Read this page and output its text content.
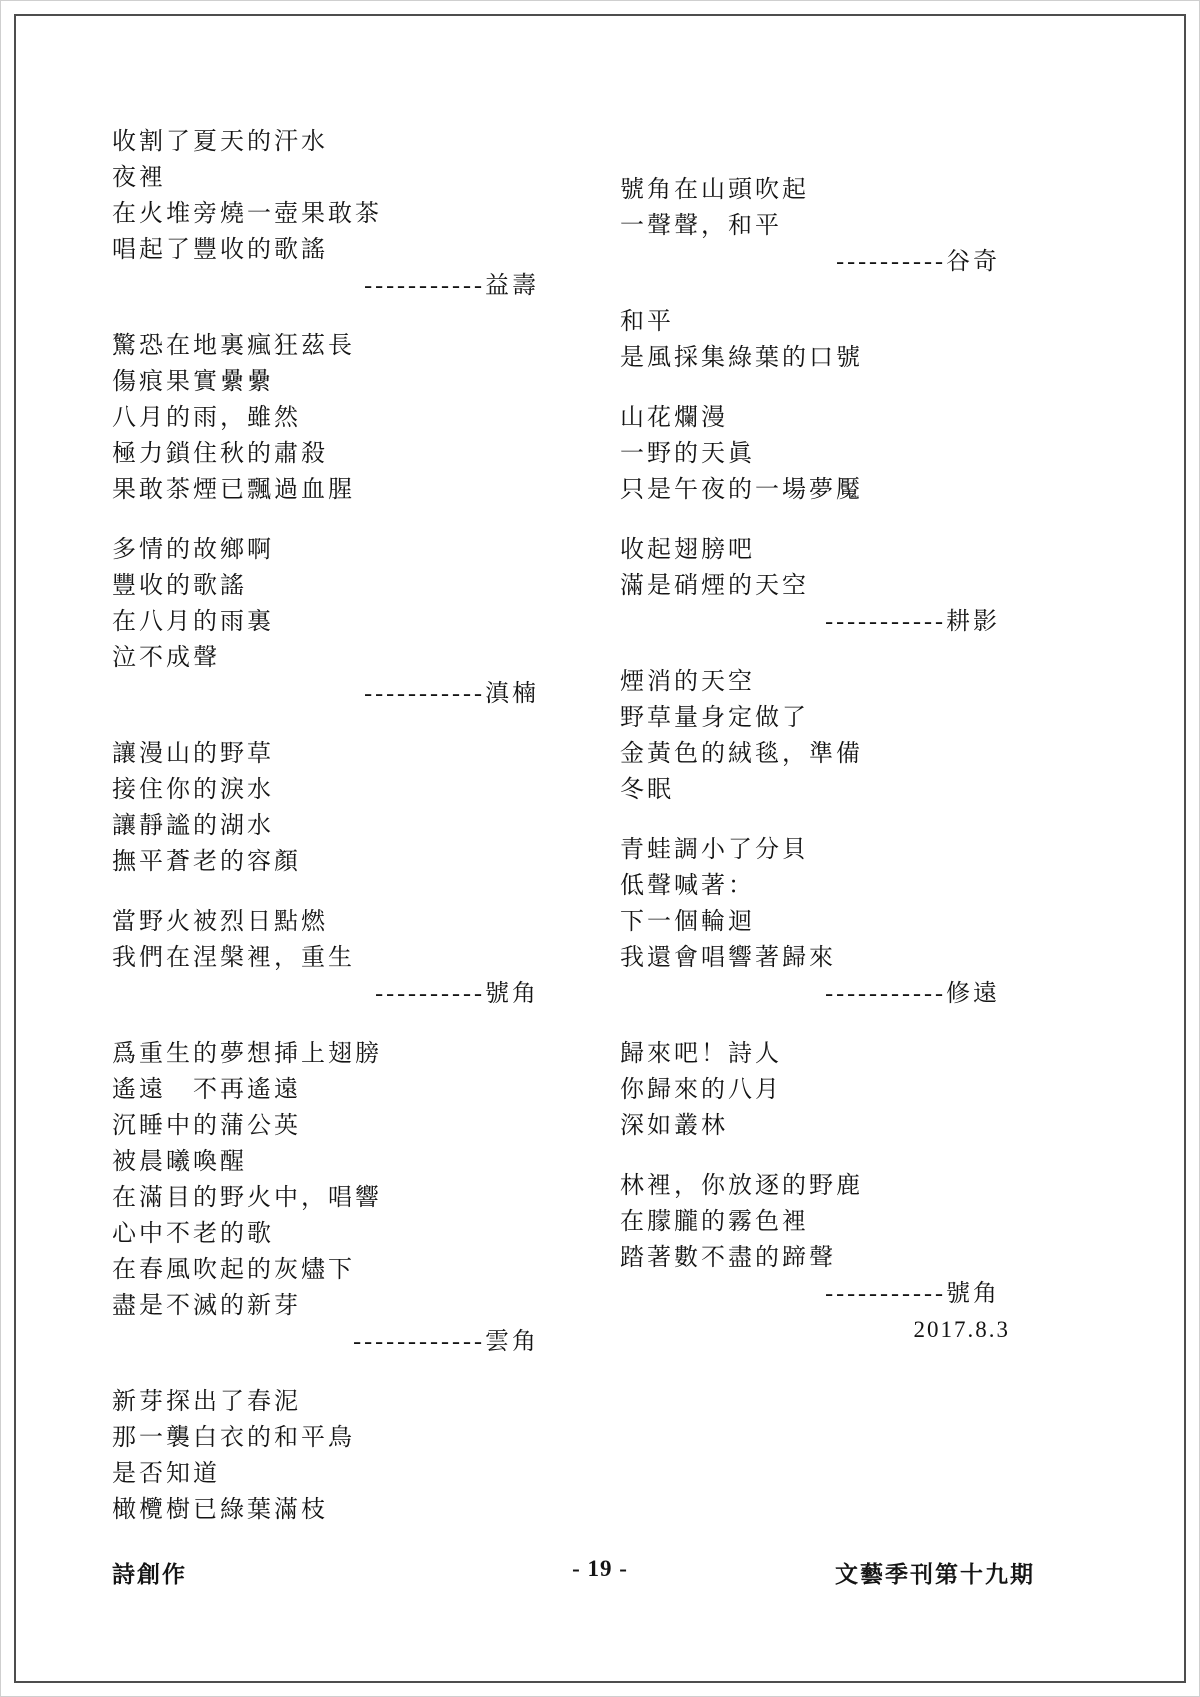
收割了夏天的汗水
夜裡
在火堆旁燒一壺果敢茶
唱起了豐收的歌謠
-----------益壽
驚恐在地裏瘋狂茲長
傷痕果實纍纍
八月的雨，雖然
極力鎖住秋的肅殺
果敢茶煙已飄過血腥
多情的故鄉啊
豐收的歌謠
在八月的雨裏
泣不成聲
-----------滇楠
讓漫山的野草
接住你的淚水
讓靜謐的湖水
撫平蒼老的容顏
當野火被烈日點燃
我們在涅槃裡，重生
----------號角
爲重生的夢想揷上翅膀
遙遠　不再遙遠
沉睡中的蒲公英
被晨曦喚醒
在滿目的野火中，唱響
心中不老的歌
在春風吹起的灰燼下
盡是不滅的新芽
------------雲角
新芽探出了春泥
那一襲白衣的和平鳥
是否知道
橄欖樹已綠葉滿枝
號角在山頭吹起
一聲聲，和平
----------谷奇
和平
是風採集綠葉的口號
山花爛漫
一野的天眞
只是午夜的一場夢魘
收起翅膀吧
滿是硝煙的天空
-----------耕影
煙消的天空
野草量身定做了
金黃色的絨毯，準備
冬眠
青蛙調小了分貝
低聲喊著：
下一個輪迴
我還會唱響著歸來
-----------修遠
歸來吧！詩人
你歸來的八月
深如叢林
林裡，你放逐的野鹿
在朦朧的霧色裡
踏著數不盡的蹄聲
-----------號角
2017.8.3
詩創作	- 19 -	文藝季刊第十九期
